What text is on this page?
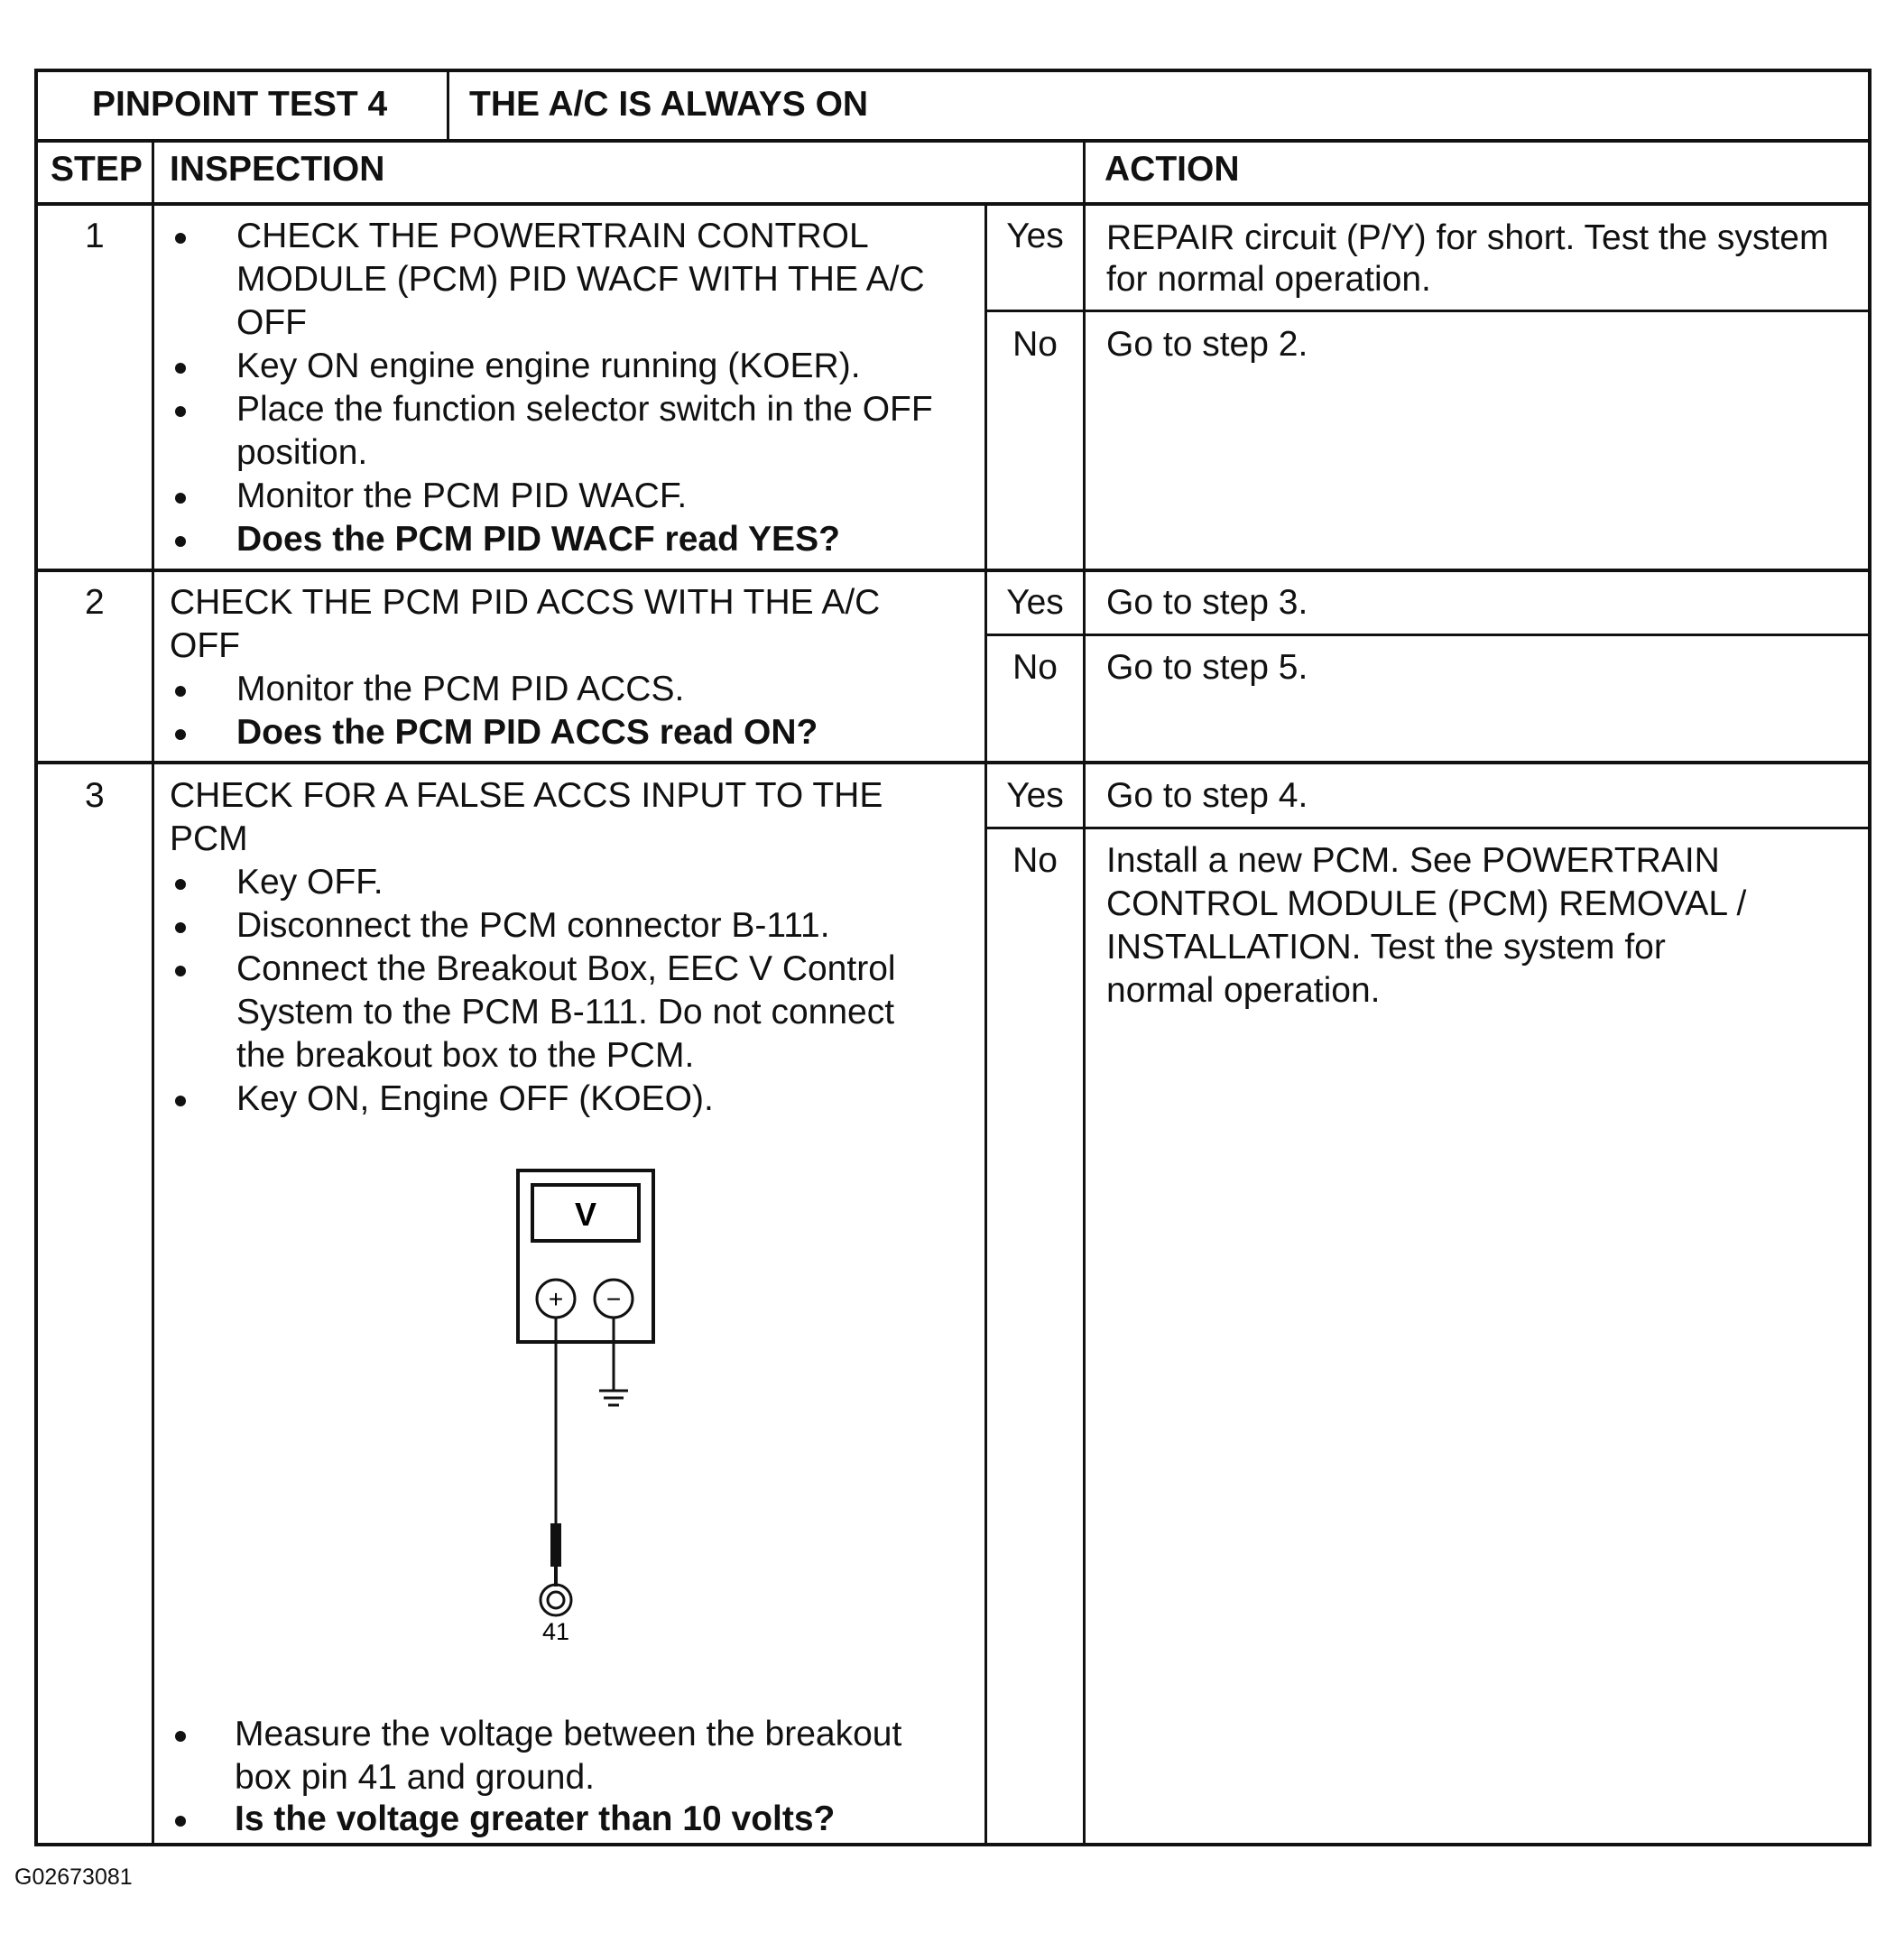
PINPOINT TEST 4 THE A/C IS ALWAYS ON
STEP INSPECTION	ACTION
1	CHECK THE POWERTRAIN CONTROL
MODULE (PCM) PID WACF WITH THE A/C
OFF
Key ON engine engine running (KOER).
Place the function selector switch in the OFF
position.
Monitor the PCM PID WACF.
Does the PCM PID WACF read YES?
Yes	REPAIR circuit (P/Y) for short. Test the system
for normal operation.
No	Go to step 2.
2 CHECK THE PCM PID ACCS WITH THE A/C
OFF
Monitor the PCM PID ACCS.
Does the PCM PID ACCS read ON?
Yes	Go to step 3.
No	Go to step 5.
3 CHECK FOR A FALSE ACCS INPUT TO THE
PCM
Key OFF.
Disconnect the PCM connector B-111.
Connect the Breakout Box, EEC V Control
System to the PCM B-111. Do not connect
the breakout box to the PCM.
Key ON, Engine OFF (KOEO).
Measure the voltage between the breakout
box pin 41 and ground.
Is the voltage greater than 10 volts?
Yes	Go to step 4.
No	Install a new PCM. See POWERTRAIN
CONTROL MODULE (PCM) REMOVAL /
INSTALLATION. Test the system for
normal operation.
V
+ −
41
G02673081
